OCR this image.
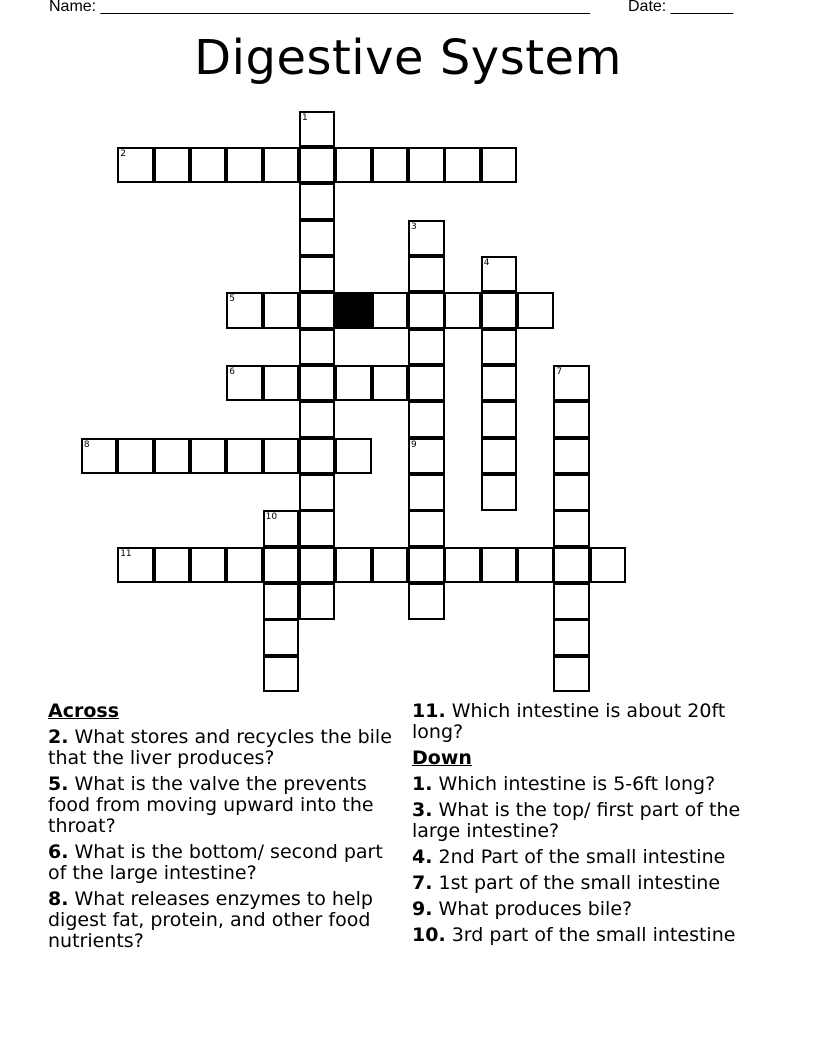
Name: _______________________________________________________ Date: _______
Digestive System
1
2
3
9
4
5
6	7
8
10
11
Across
2. What stores and recycles the bile that the liver produces?
5. What is the valve the prevents food from moving upward into the throat?
6. What is the bottom/ second part of the large intestine?
8. What releases enzymes to help digest fat, protein, and other food nutrients?
11. Which intestine is about 20ft long?
Down
1. Which intestine is 5-6ft long?
3. What is the top/ first part of the large intestine?
4. 2nd Part of the small intestine
7. 1st part of the small intestine
9. What produces bile?
10. 3rd part of the small intestine
